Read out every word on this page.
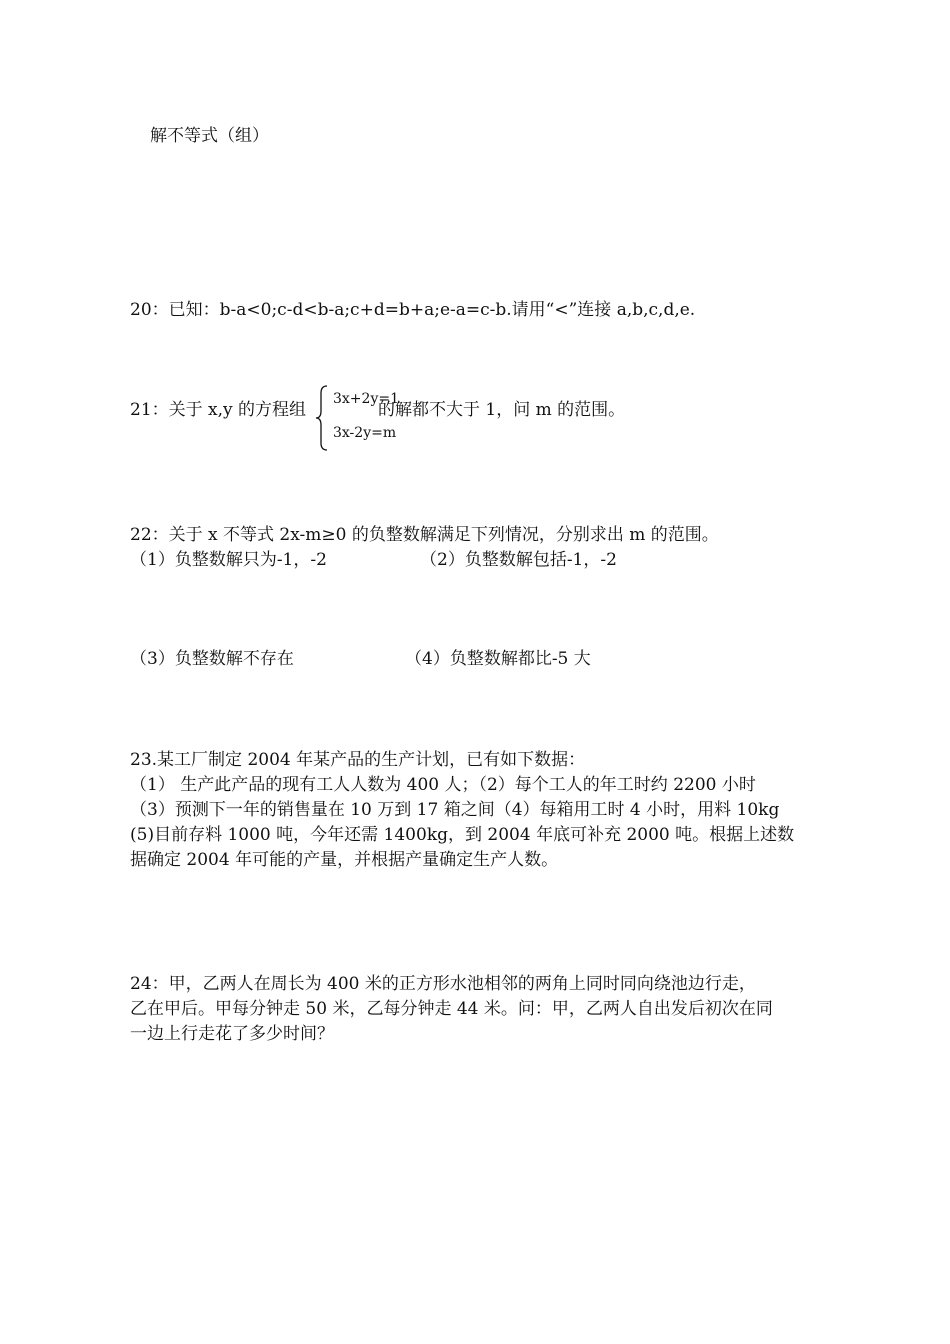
解不等式（组）
20：已知：b-a<0;c-d<b-a;c+d=b+a;e-a=c-b.请用“<”连接 a,b,c,d,e.
21：关于 x,y 的方程组
3x+2y=1
3x-2y=m
的解都不大于 1，问 m 的范围。
22：关于 x 不等式 2x-m≥0 的负整数解满足下列情况，分别求出 m 的范围。
（1）负整数解只为-1，-2	（2）负整数解包括-1，-2
（3）负整数解不存在	（4）负整数解都比-5 大
23.某工厂制定 2004 年某产品的生产计划，已有如下数据：
（1） 生产此产品的现有工人人数为 400 人；（2）每个工人的年工时约 2200 小时
（3）预测下一年的销售量在 10 万到 17 箱之间（4）每箱用工时 4 小时，用料 10kg
(5)目前存料 1000 吨，今年还需 1400kg，到 2004 年底可补充 2000 吨。根据上述数
据确定 2004 年可能的产量，并根据产量确定生产人数。
24：甲，乙两人在周长为 400 米的正方形水池相邻的两角上同时同向绕池边行走，
乙在甲后。甲每分钟走 50 米，乙每分钟走 44 米。问：甲，乙两人自出发后初次在同
一边上行走花了多少时间？
